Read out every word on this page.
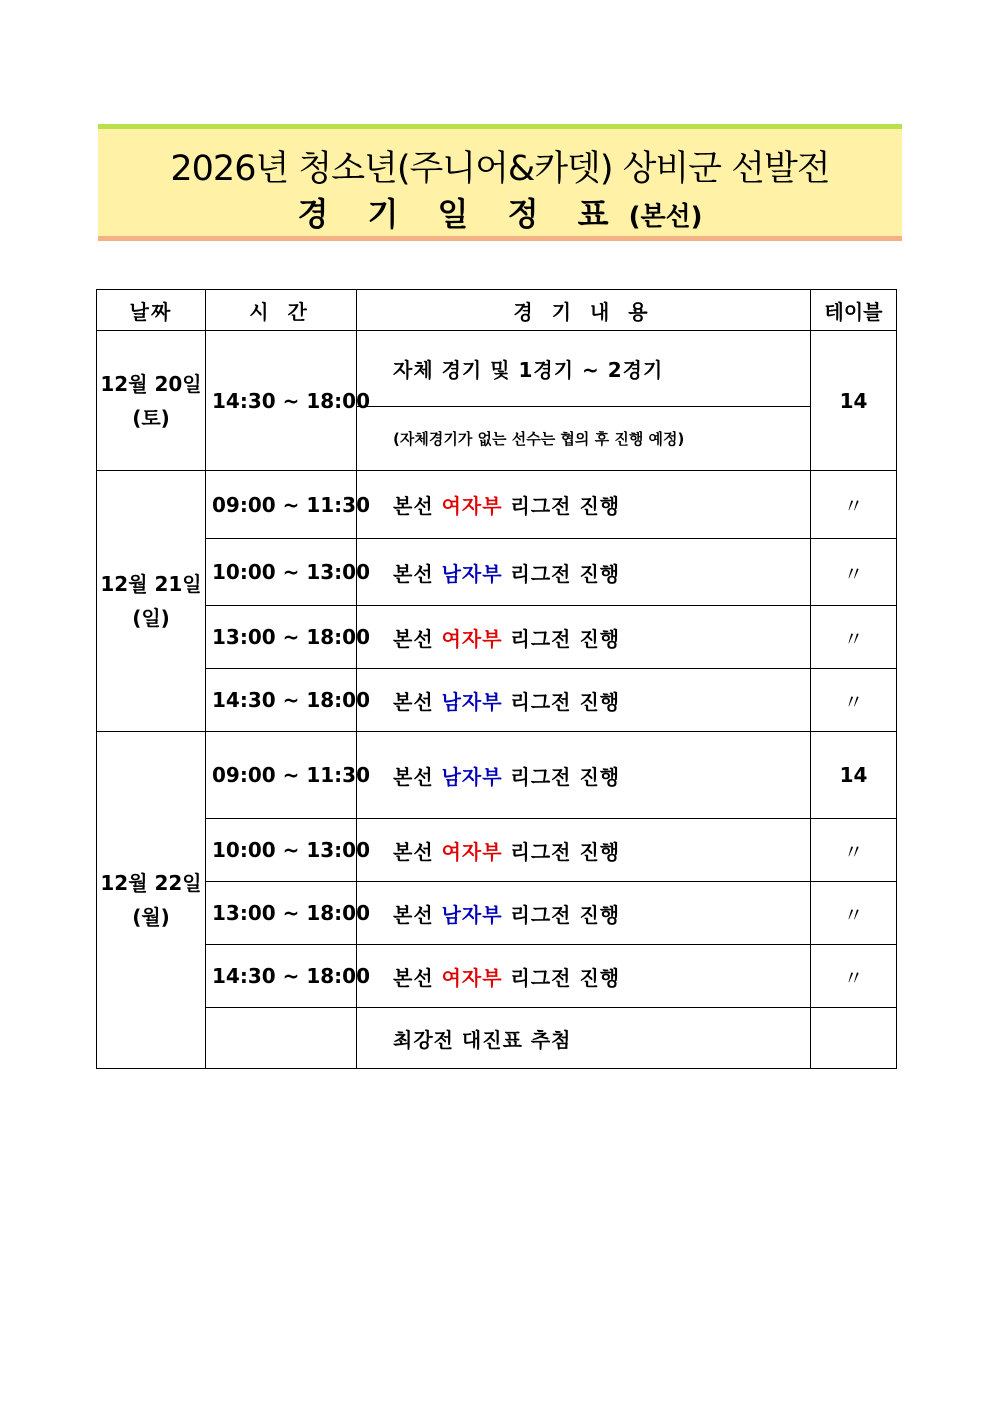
2026년 청소년(주니어&카뎃) 상비군 선발전
경 기 일 정 표 (본선)
날짜	시 간	경 기 내 용	테이블

12월 20일
(토)	14:30 ~ 18:00	자체 경기 및 1경기 ~ 2경기	14
		(자체경기가 없는 선수는 협의 후 진행 예정)	

12월 21일
(일)	09:00 ~ 11:30	본선 여자부 리그전 진행	〃
	10:00 ~ 13:00	본선 남자부 리그전 진행	〃
	13:00 ~ 18:00	본선 여자부 리그전 진행	〃
	14:30 ~ 18:00	본선 남자부 리그전 진행	〃

12월 22일
(월)	09:00 ~ 11:30	본선 남자부 리그전 진행	14
	10:00 ~ 13:00	본선 여자부 리그전 진행	〃
	13:00 ~ 18:00	본선 남자부 리그전 진행	〃
	14:30 ~ 18:00	본선 여자부 리그전 진행	〃
		최강전 대진표 추첨	
